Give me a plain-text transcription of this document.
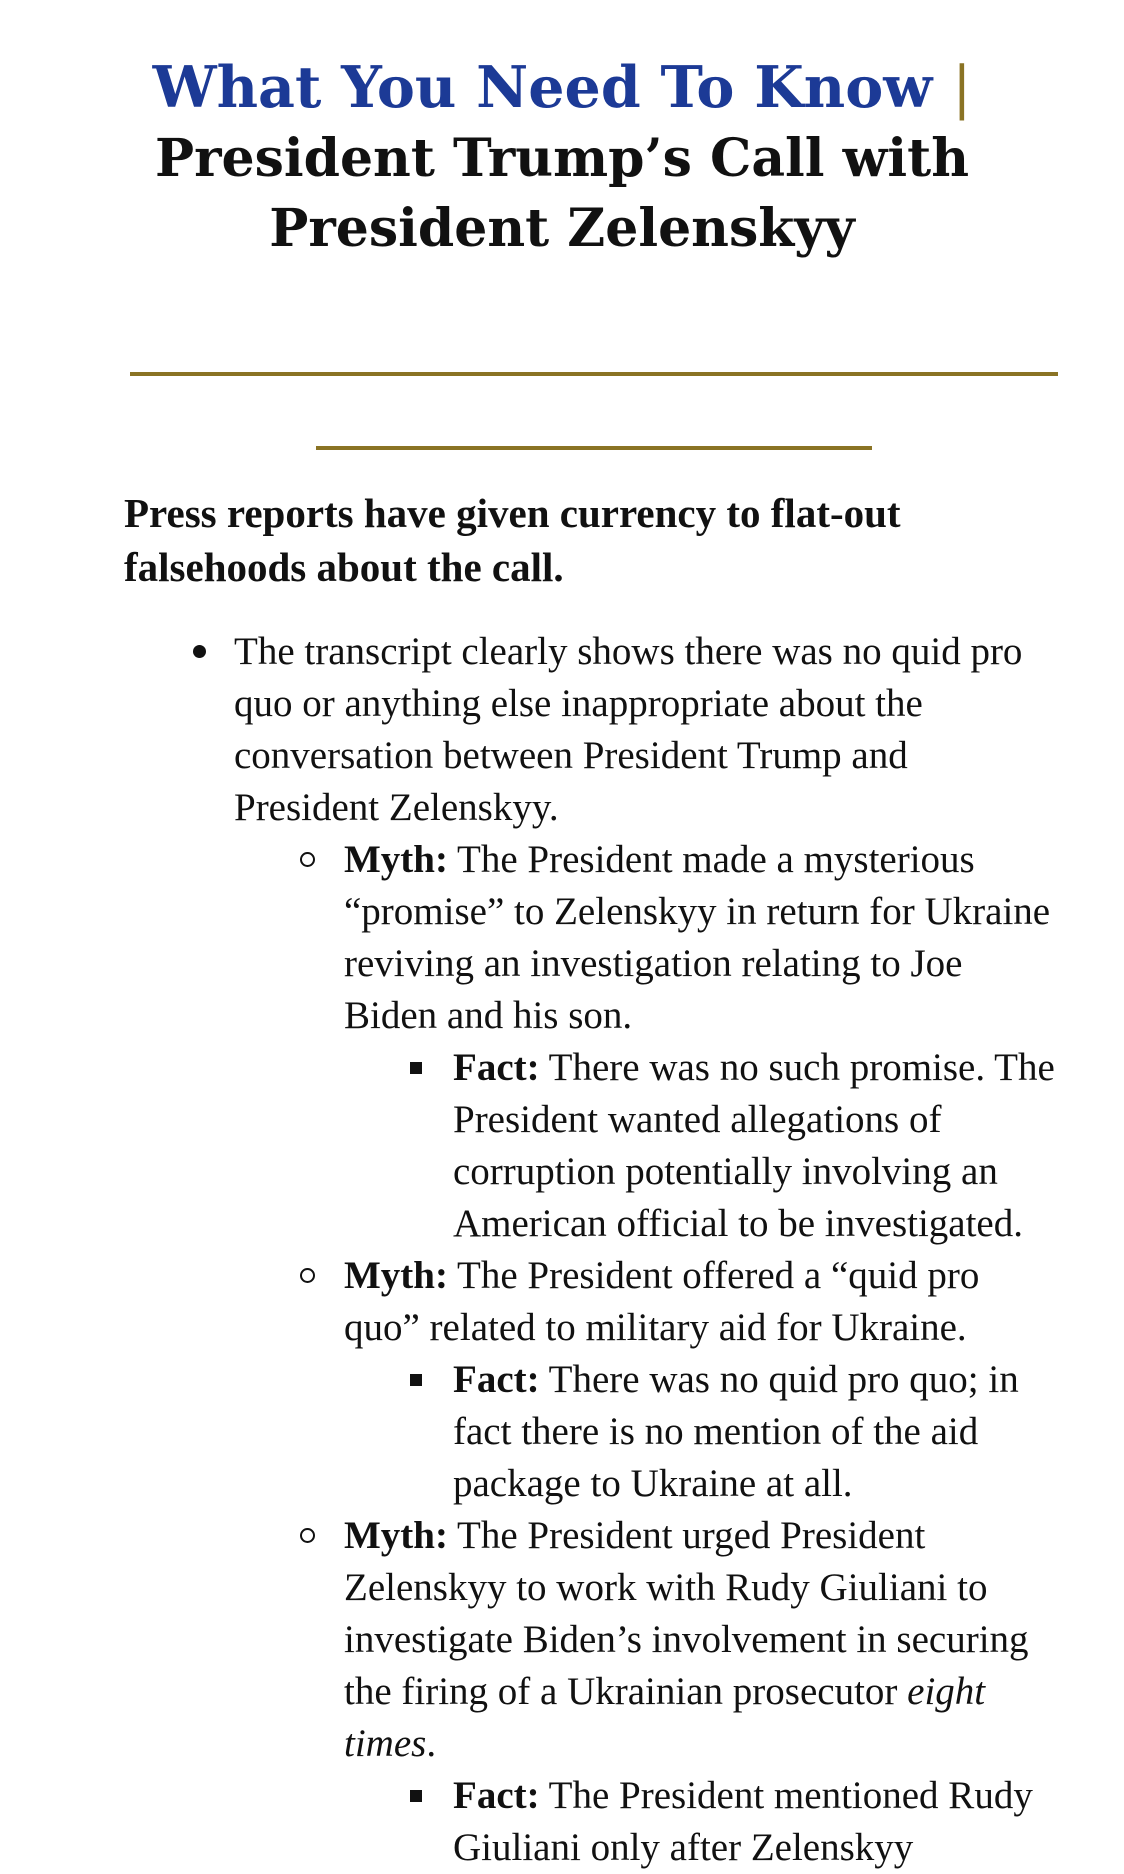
What You Need To Know |
President Trump’s Call with President Zelenskyy
Press reports have given currency to flat-out falsehoods about the call.
The transcript clearly shows there was no quid pro quo or anything else inappropriate about the conversation between President Trump and President Zelenskyy.
Myth: The President made a mysterious “promise” to Zelenskyy in return for Ukraine reviving an investigation relating to Joe Biden and his son.
Fact: There was no such promise. The President wanted allegations of corruption potentially involving an American official to be investigated.
Myth: The President offered a “quid pro quo” related to military aid for Ukraine.
Fact: There was no quid pro quo; in fact there is no mention of the aid package to Ukraine at all.
Myth: The President urged President Zelenskyy to work with Rudy Giuliani to investigate Biden’s involvement in securing the firing of a Ukrainian prosecutor eight times.
Fact: The President mentioned Rudy Giuliani only after Zelenskyy
